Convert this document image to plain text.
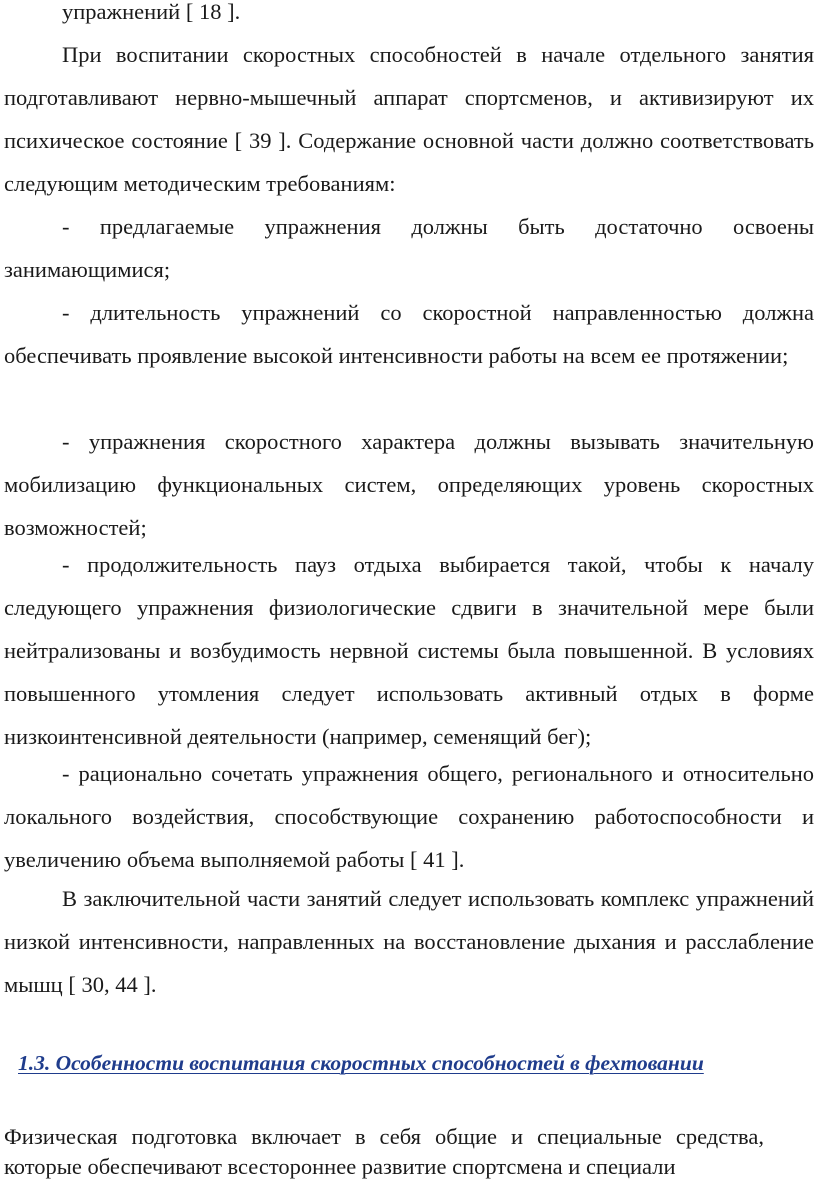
упражнений [ 18 ].

При воспитании скоростных способностей в начале отдельного занятия подготавливают нервно-мышечный аппарат спортсменов, и активизируют их психическое состояние [ 39 ]. Содержание основной части должно соответствовать следующим методическим требованиям:

- предлагаемые упражнения должны быть достаточно освоены занимающимися;

- длительность упражнений со скоростной направленностью должна обеспечивать проявление высокой интенсивности работы на всем ее протяжении;

- упражнения скоростного характера должны вызывать значительную мобилизацию функциональных систем, определяющих уровень скоростных возможностей;

- продолжительность пауз отдыха выбирается такой, чтобы к началу следующего упражнения физиологические сдвиги в значительной мере были нейтрализованы и возбудимость нервной системы была повышенной. В условиях повышенного утомления следует использовать активный отдых в форме низкоинтенсивной деятельности (например, семенящий бег);

- рационально сочетать упражнения общего, регионального и относительно локального воздействия, способствующие сохранению работоспособности и увеличению объема выполняемой работы [ 41 ].

В заключительной части занятий следует использовать комплекс упражнений низкой интенсивности, направленных на восстановление дыхания и расслабление мышц [ 30, 44 ].

1.3. Особенности воспитания скоростных способностей в фехтовании

Физическая подготовка включает в себя общие и специальные средства, которые обеспечивают всестороннее развитие спортсмена и специали
